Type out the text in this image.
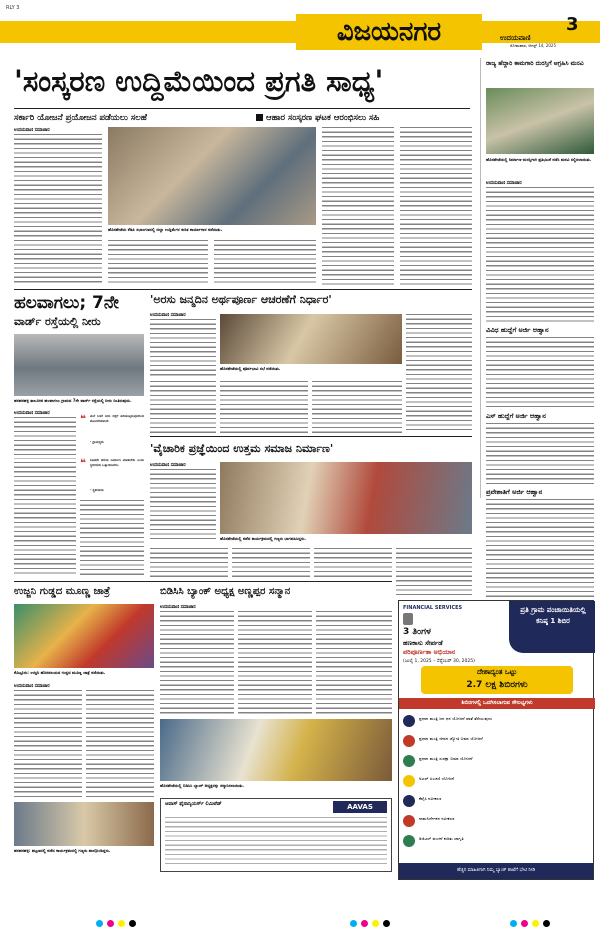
RLY 3
ವಿಜಯನಗರ	3
ಉದಯವಾಣಿ
ಸೋಮವಾರ, ಆಗಸ್ಟ್ 14, 2025
'ಸಂಸ್ಕರಣ ಉದ್ದಿಮೆಯಿಂದ ಪ್ರಗತಿ ಸಾಧ್ಯ'
ಸರ್ಕಾರಿ ಯೋಜನೆ ಪ್ರಯೋಜನ ಪಡೆಯಲು ಸಲಹೆ	ಆಹಾರ ಸಂಸ್ಕರಣ ಘಟಕ ಆರಂಭಿಸಲು ಸಹಿ
ಉದಯವಾಣಿ ಸಮಾಚಾರ
ಹೊಸಪೇಟೆಯ ಕೆಡಿಪಿ ಸಭಾಂಗಣದಲ್ಲಿ ಜಿಲ್ಲಾ ಉದ್ದಿಮೆಗಳ ಕುರಿತ ಕಾರ್ಯಾಗಾರ ನಡೆಯಿತು.
ರಾಜ್ಯ ಹೆದ್ದಾರಿ ಕಾಮಗಾರಿ ದುರಸ್ತಿಗೆ ಆಗ್ರಹಿಸಿ ಮನವಿ
ಹೊಸಪೇಟೆಯಲ್ಲಿ ನಿರ್ಮಾಣ-ದುರಸ್ತಿಗಾಗಿ ಪ್ರತಿಭಟನೆ ನಡೆಸಿ ಮನವಿ ಸಲ್ಲಿಸಲಾಯಿತು.
ಉದಯವಾಣಿ ಸಮಾಚಾರ
ಹಲವಾಗಲು; 7ನೇ
ವಾರ್ಡ್ ರಸ್ತೆಯಲ್ಲಿ ನೀರು
ಹರಪನಹಳ್ಳಿ ತಾಲೂಕಿನ ಹಲವಾಗಲು ಗ್ರಾಮದ 7ನೇ ವಾರ್ಡ್‌ ರಸ್ತೆಯಲ್ಲಿ ನೀರು ನಿಂತಿರುವುದು.
ಉದಯವಾಣಿ ಸಮಾಚಾರ
❝ ಮನೆ ಬಳಕೆ ನೀರು ರಸ್ತೆಗೆ ಹರಿಯುತ್ತಿರುವುದರಿಂದ ತೊಂದರೆಯಾಗಿದೆ.
- ಗ್ರಾಮಸ್ಥರು
❝ ಕೂಡಲೇ ಚರಂಡಿ ನಿರ್ಮಾಣ ಮಾಡಬೇಕು ಎಂದು ಸ್ಥಳೀಯರು ಒತ್ತಾಯಿಸಿದರು.
- ಸ್ಥಳೀಯರು
'ಅರಸು ಜನ್ಮದಿನ ಅರ್ಥಪೂರ್ಣ ಆಚರಣೆಗೆ ನಿರ್ಧಾರ'
ಉದಯವಾಣಿ ಸಮಾಚಾರ
ಹೊಸಪೇಟೆಯಲ್ಲಿ ಪೂರ್ವಭಾವಿ ಸಭೆ ನಡೆಯಿತು.
ವಿವಿಧ ಹುದ್ದೆಗೆ ಅರ್ಜಿ ಆಹ್ವಾನ
ಎಸ್ ಹುದ್ದೆಗೆ ಅರ್ಜಿ ಆಹ್ವಾನ
ಪ್ರವೇಶಾತಿಗೆ ಅರ್ಜಿ ಆಹ್ವಾನ
'ವೈಚಾರಿಕ ಪ್ರಜ್ಞೆಯಿಂದ ಉತ್ತಮ ಸಮಾಜ ನಿರ್ಮಾಣ'
ಉದಯವಾಣಿ ಸಮಾಚಾರ
ಹೊಸಪೇಟೆಯಲ್ಲಿ ನಡೆದ ಕಾರ್ಯಕ್ರಮದಲ್ಲಿ ಗಣ್ಯರು ಭಾಗವಹಿಸಿದ್ದರು.
ಉಜ್ಜನಿ ಗುಡ್ಡದ ಮೂಣ್ಣ ಜಾತ್ರೆ
ಕೊಟ್ಟೂರು: ಉಜ್ಜನಿ ಹೊರವಲಯದ ಗುಡ್ಡದ ಮೂಣ್ಣ ಜಾತ್ರೆ ನಡೆಯಿತು.
ಉದಯವಾಣಿ ಸಮಾಚಾರ
ಹರಪನಹಳ್ಳಿ: ಪಟ್ಟಣದಲ್ಲಿ ನಡೆದ ಕಾರ್ಯಕ್ರಮದಲ್ಲಿ ಗಣ್ಯರು ಪಾಲ್ಗೊಂಡಿದ್ದರು.
ಬಿಡಿಸಿಸಿ ಬ್ಯಾಂಕ್ ಅಧ್ಯಕ್ಷ ಅಣ್ಣಪ್ಪರ ಸನ್ಮಾನ
ಉದಯವಾಣಿ ಸಮಾಚಾರ
ಹೊಸಪೇಟೆಯಲ್ಲಿ ಬಿಡಿಸಿಸಿ ಬ್ಯಾಂಕ್ ಅಧ್ಯಕ್ಷರನ್ನು ಸನ್ಮಾನಿಸಲಾಯಿತು.
ಆವಾಸ್ ಫೈನಾನ್ಶಿಯರ್ಸ್ ಲಿಮಿಟೆಡ್	AAVAS
FINANCIAL SERVICES	ಪ್ರತಿ ಗ್ರಾಮ ಪಂಚಾಯಿತಿಯಲ್ಲಿ ಕನಿಷ್ಠ 1 ಶಿಬಿರ
3 ತಿಂಗಳ
ಹಣಕಾಸು ಸೇರ್ಪಡೆ
ಪರಿಪೂರ್ಣತಾ ಅಭಿಯಾನ
(ಜುಲೈ 1, 2025 – ಸೆಪ್ಟೆಂಬರ್ 30, 2025)
ದೇಶಾದ್ಯಂತ ಒಟ್ಟು
2.7 ಲಕ್ಷ ಶಿಬಿರಗಳು
ಶಿಬಿರಗಳಲ್ಲಿ ಒದಗಿಸಲಾಗುವ ಸೌಲಭ್ಯಗಳು
ಪ್ರಧಾನ ಮಂತ್ರಿ ಜನ ಧನ ಯೋಜನೆ ಖಾತೆ ತೆರೆಯುವುದು
ಪ್ರಧಾನ ಮಂತ್ರಿ ಜೀವನ ಜ್ಯೋತಿ ಬಿಮಾ ಯೋಜನೆ
ಪ್ರಧಾನ ಮಂತ್ರಿ ಸುರಕ್ಷಾ ಬಿಮಾ ಯೋಜನೆ
ಅಟಲ್ ಪಿಂಚಣಿ ಯೋಜನೆ
ಕೆವೈಸಿ ನವೀಕರಣ
ನಾಮನಿರ್ದೇಶನ ನವೀಕರಣ
ಡಿಜಿಟಲ್ ವಂಚನೆ ಕುರಿತು ಜಾಗೃತಿ
ಹೆಚ್ಚಿನ ಮಾಹಿತಿಗಾಗಿ ನಿಮ್ಮ ಬ್ಯಾಂಕ್ ಶಾಖೆಗೆ ಭೇಟಿ ನೀಡಿ
